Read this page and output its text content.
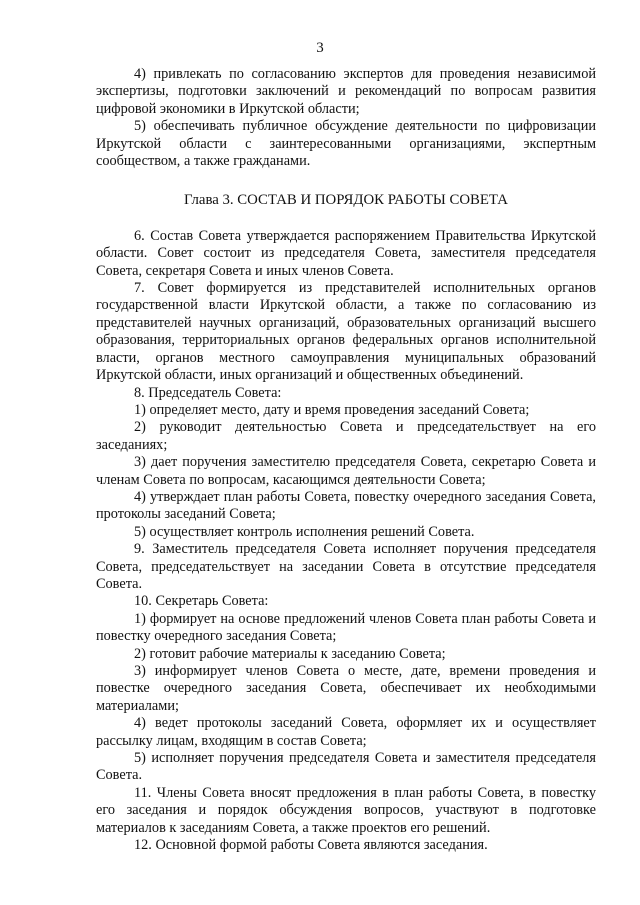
3

4) привлекать по согласованию экспертов для проведения независимой экспертизы, подготовки заключений и рекомендаций по вопросам развития цифровой экономики в Иркутской области;

5) обеспечивать публичное обсуждение деятельности по цифровизации Иркутской области с заинтересованными организациями, экспертным сообществом, а также гражданами.

Глава 3. СОСТАВ И ПОРЯДОК РАБОТЫ СОВЕТА

6. Состав Совета утверждается распоряжением Правительства Иркутской области. Совет состоит из председателя Совета, заместителя председателя Совета, секретаря Совета и иных членов Совета.

7. Совет формируется из представителей исполнительных органов государственной власти Иркутской области, а также по согласованию из представителей научных организаций, образовательных организаций высшего образования, территориальных органов федеральных органов исполнительной власти, органов местного самоуправления муниципальных образований Иркутской области, иных организаций и общественных объединений.

8. Председатель Совета:

1) определяет место, дату и время проведения заседаний Совета;

2) руководит деятельностью Совета и председательствует на его заседаниях;

3) дает поручения заместителю председателя Совета, секретарю Совета и членам Совета по вопросам, касающимся деятельности Совета;

4) утверждает план работы Совета, повестку очередного заседания Совета, протоколы заседаний Совета;

5) осуществляет контроль исполнения решений Совета.

9. Заместитель председателя Совета исполняет поручения председателя Совета, председательствует на заседании Совета в отсутствие председателя Совета.

10. Секретарь Совета:

1) формирует на основе предложений членов Совета план работы Совета и повестку очередного заседания Совета;

2) готовит рабочие материалы к заседанию Совета;

3) информирует членов Совета о месте, дате, времени проведения и повестке очередного заседания Совета, обеспечивает их необходимыми материалами;

4) ведет протоколы заседаний Совета, оформляет их и осуществляет рассылку лицам, входящим в состав Совета;

5) исполняет поручения председателя Совета и заместителя председателя Совета.

11. Члены Совета вносят предложения в план работы Совета, в повестку его заседания и порядок обсуждения вопросов, участвуют в подготовке материалов к заседаниям Совета, а также проектов его решений.

12. Основной формой работы Совета являются заседания.
